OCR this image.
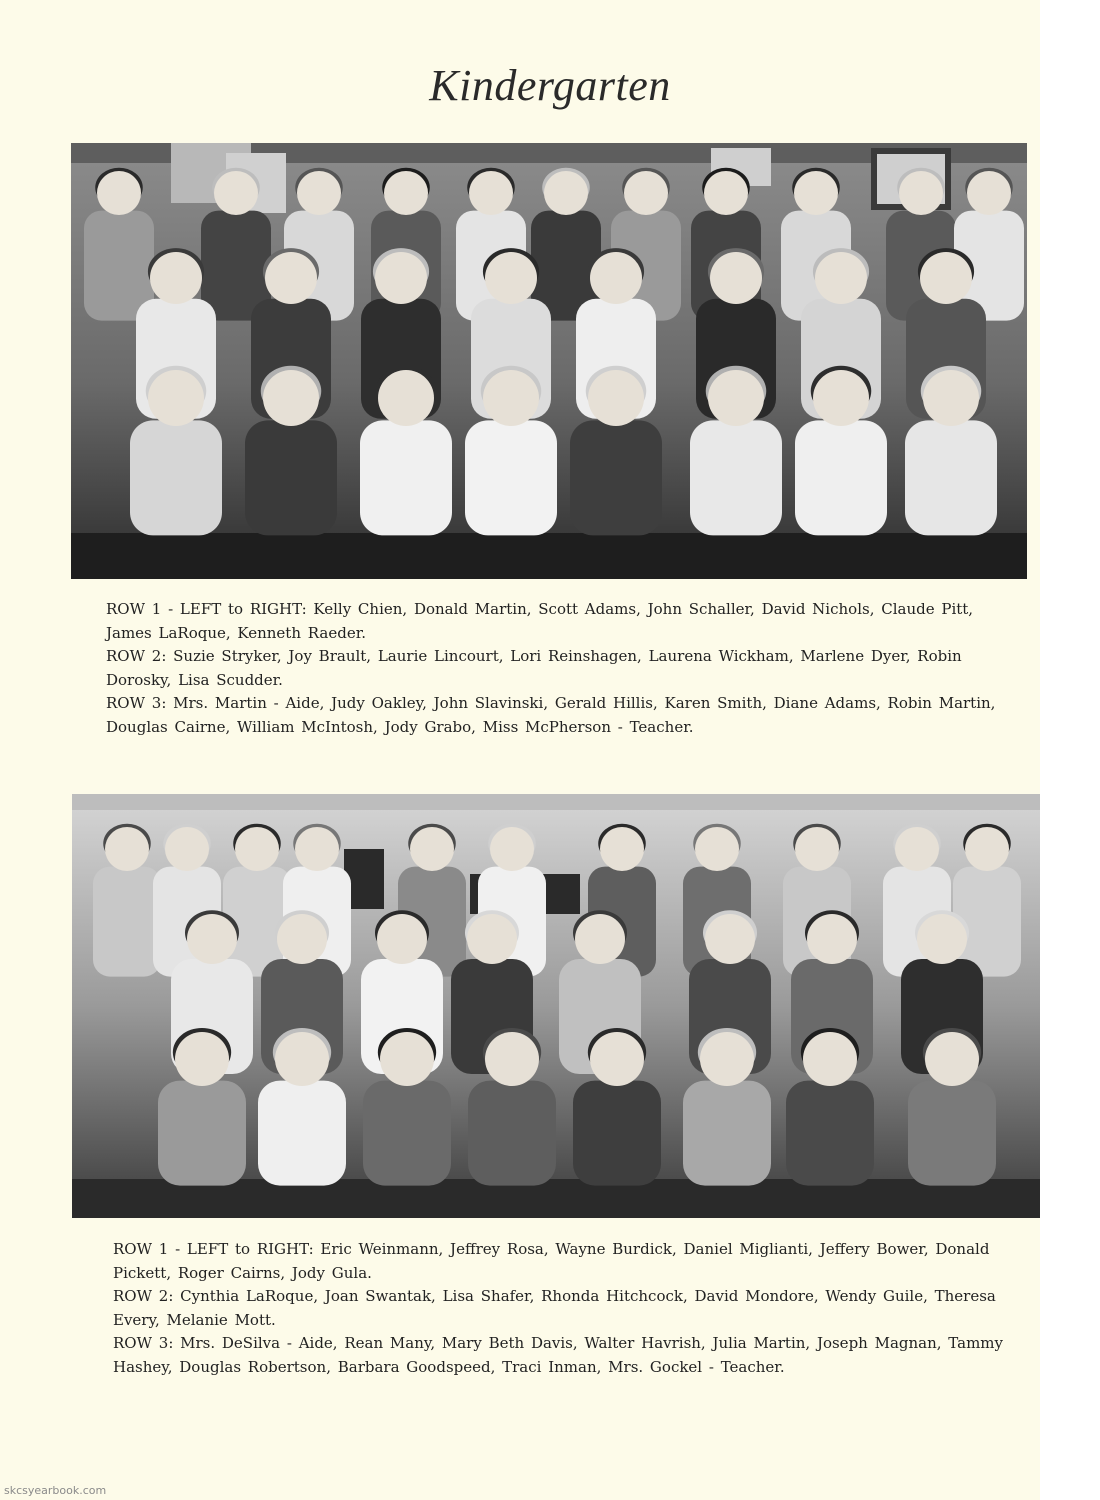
Kindergarten

ROW 1 - LEFT to RIGHT: Kelly Chien, Donald Martin, Scott Adams, John Schaller, David Nichols, Claude Pitt, James LaRoque, Kenneth Raeder.

ROW 2: Suzie Stryker, Joy Brault, Laurie Lincourt, Lori Reinshagen, Laurena Wickham, Marlene Dyer, Robin Dorosky, Lisa Scudder.

ROW 3: Mrs. Martin - Aide, Judy Oakley, John Slavinski, Gerald Hillis, Karen Smith, Diane Adams, Robin Martin, Douglas Cairne, William McIntosh, Jody Grabo, Miss McPherson - Teacher.

ROW 1 - LEFT to RIGHT: Eric Weinmann, Jeffrey Rosa, Wayne Burdick, Daniel Miglianti, Jeffery Bower, Donald Pickett, Roger Cairns, Jody Gula.

ROW 2: Cynthia LaRoque, Joan Swantak, Lisa Shafer, Rhonda Hitchcock, David Mondore, Wendy Guile, Theresa Every, Melanie Mott.

ROW 3: Mrs. DeSilva - Aide, Rean Many, Mary Beth Davis, Walter Havrish, Julia Martin, Joseph Magnan, Tammy Hashey, Douglas Robertson, Barbara Goodspeed, Traci Inman, Mrs. Gockel - Teacher.

skcsyearbook.com
